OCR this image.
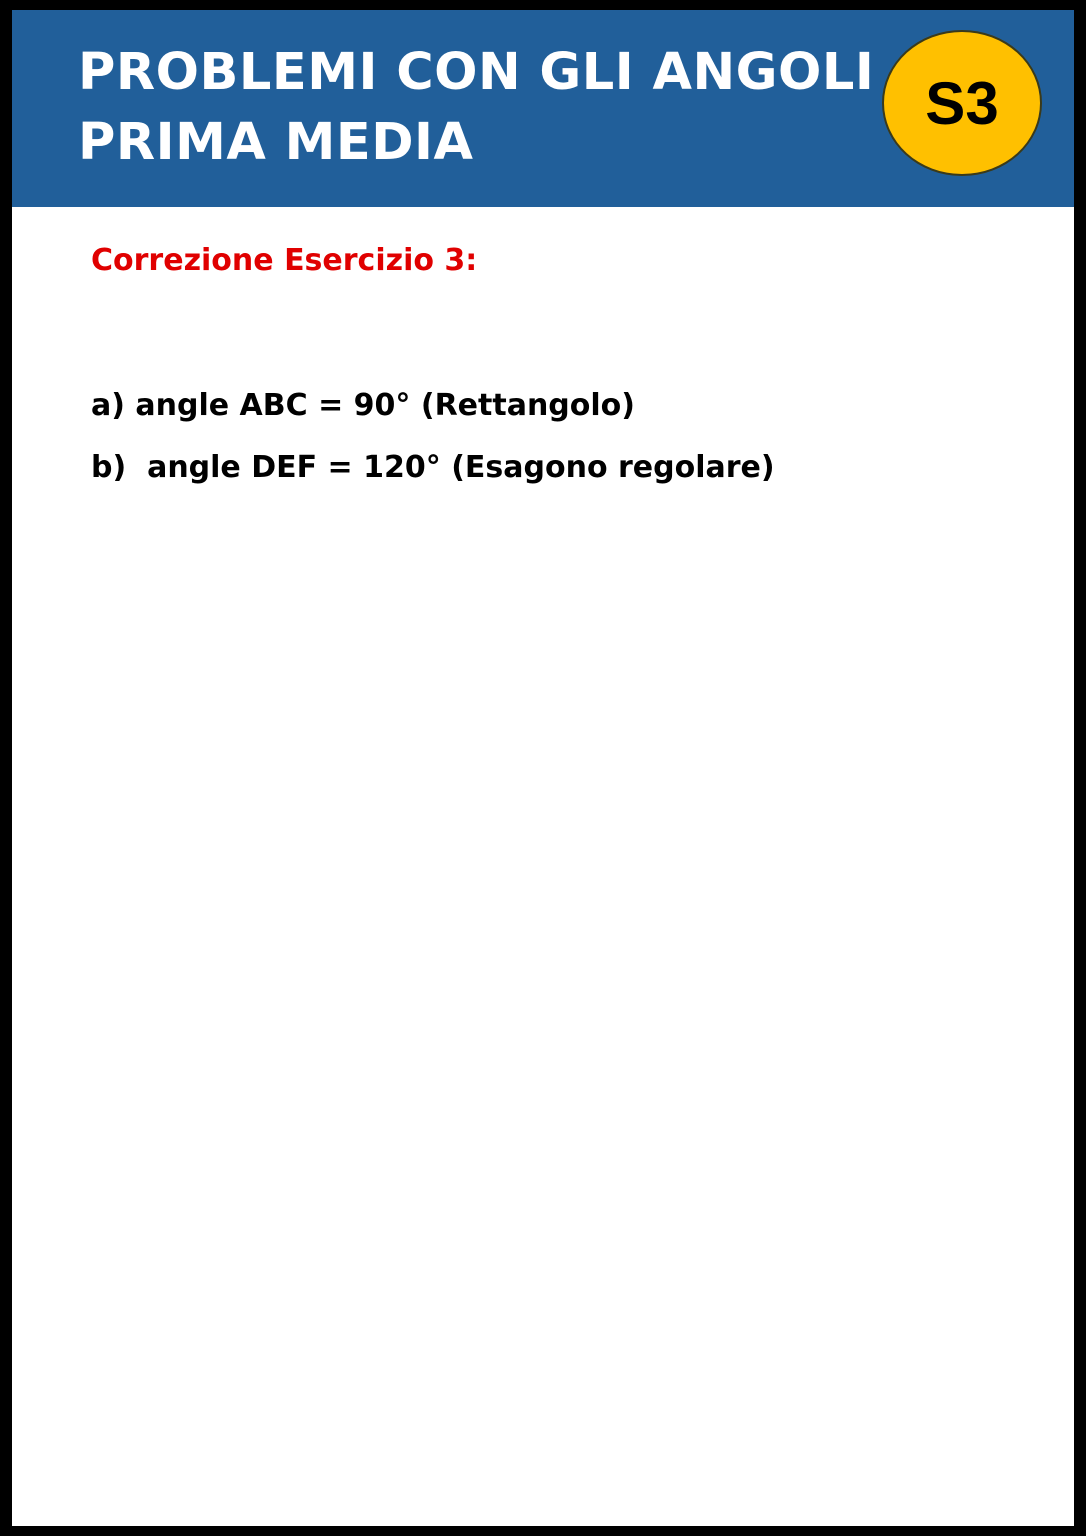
PROBLEMI CON GLI ANGOLI
PRIMA MEDIA
S3
Correzione Esercizio 3:
a) angle ABC = 90° (Rettangolo)
b)  angle DEF = 120° (Esagono regolare)
